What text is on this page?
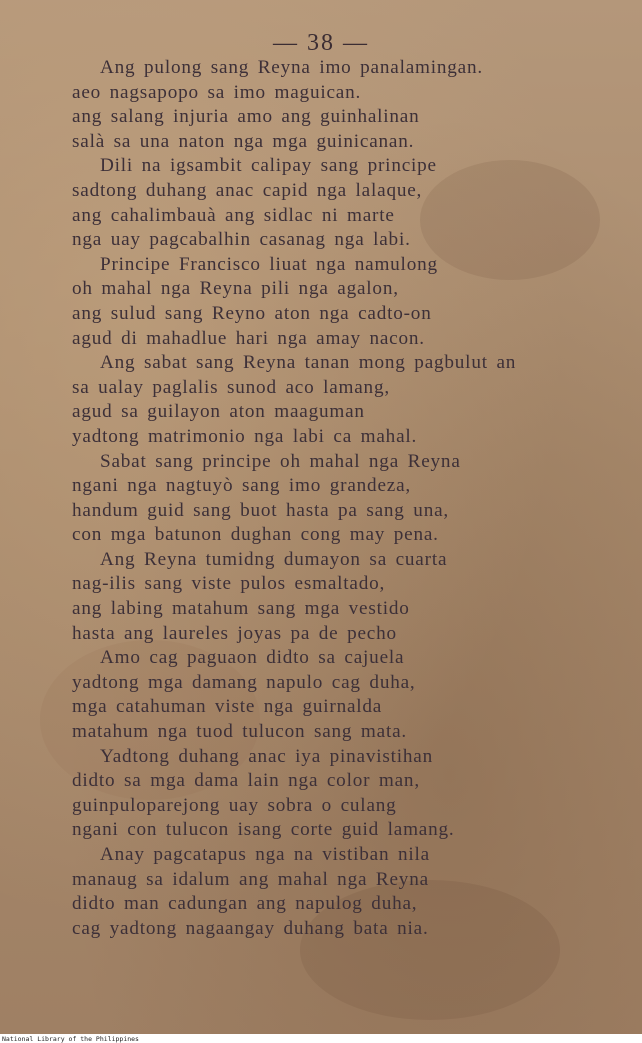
— 38 —
Ang pulong sang Reyna imo panalamingan.
aeo nagsapopo sa imo maguican.
ang salang injuria amo ang guinhalinan
salà sa una naton nga mga guinicanan.
Dili na igsambit calipay sang principe
sadtong duhang anac capid nga lalaque,
ang cahalimbauà ang sidlac ni marte
nga uay pagcabalhin casanag nga labi.
Principe Francisco liuat nga namulong
oh mahal nga Reyna pili nga agalon,
ang sulud sang Reyno aton nga cadto-on
agud di mahadlue hari nga amay nacon.
Ang sabat sang Reyna tanan mong pagbulut an
sa ualay paglalis sunod aco lamang,
agud sa guilayon aton maaguman
yadtong matrimonio nga labi ca mahal.
Sabat sang principe oh mahal nga Reyna
ngani nga nagtuyò sang imo grandeza,
handum guid sang buot hasta pa sang una,
con mga batunon dughan cong may pena.
Ang Reyna tumidng dumayon sa cuarta
nag-ilis sang viste pulos esmaltado,
ang labing matahum sang mga vestido
hasta ang laureles joyas pa de pecho
Amo cag paguaon didto sa cajuela
yadtong mga damang napulo cag duha,
mga catahuman viste nga guirnalda
matahum nga tuod tulucon sang mata.
Yadtong duhang anac iya pinavistihan
didto sa mga dama lain nga color man,
guinpuloparejong uay sobra o culang
ngani con tulucon isang corte guid lamang.
Anay pagcatapus nga na vistiban nila
manaug sa idalum ang mahal nga Reyna
didto man cadungan ang napulog duha,
cag yadtong nagaangay duhang bata nia.
National Library of the Philippines
